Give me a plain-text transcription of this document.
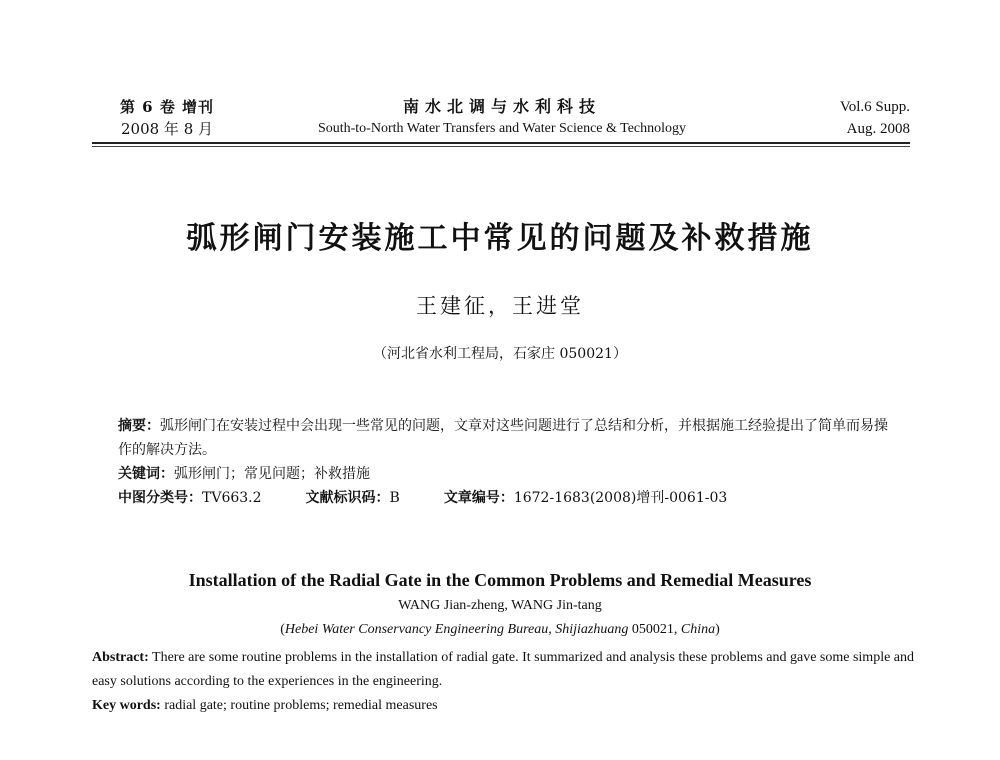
第 6 卷 增刊
2008 年 8 月
南水北调与水利科技
South-to-North Water Transfers and Water Science & Technology
Vol.6 Supp.
Aug. 2008
弧形闸门安装施工中常见的问题及补救措施
王建征，王进堂
（河北省水利工程局，石家庄 050021）

摘要：弧形闸门在安装过程中会出现一些常见的问题，文章对这些问题进行了总结和分析，并根据施工经验提出了简单而易操作的解决方法。

关键词：弧形闸门；常见问题；补救措施

中图分类号：TV663.2	文献标识码：B	文章编号：1672-1683(2008)增刊-0061-03

Installation of the Radial Gate in the Common Problems and Remedial Measures
WANG Jian-zheng, WANG Jin-tang
(Hebei Water Conservancy Engineering Bureau, Shijiazhuang 050021, China)

Abstract: There are some routine problems in the installation of radial gate. It summarized and analysis these problems and gave some simple and easy solutions according to the experiences in the engineering.

Key words: radial gate; routine problems; remedial measures
